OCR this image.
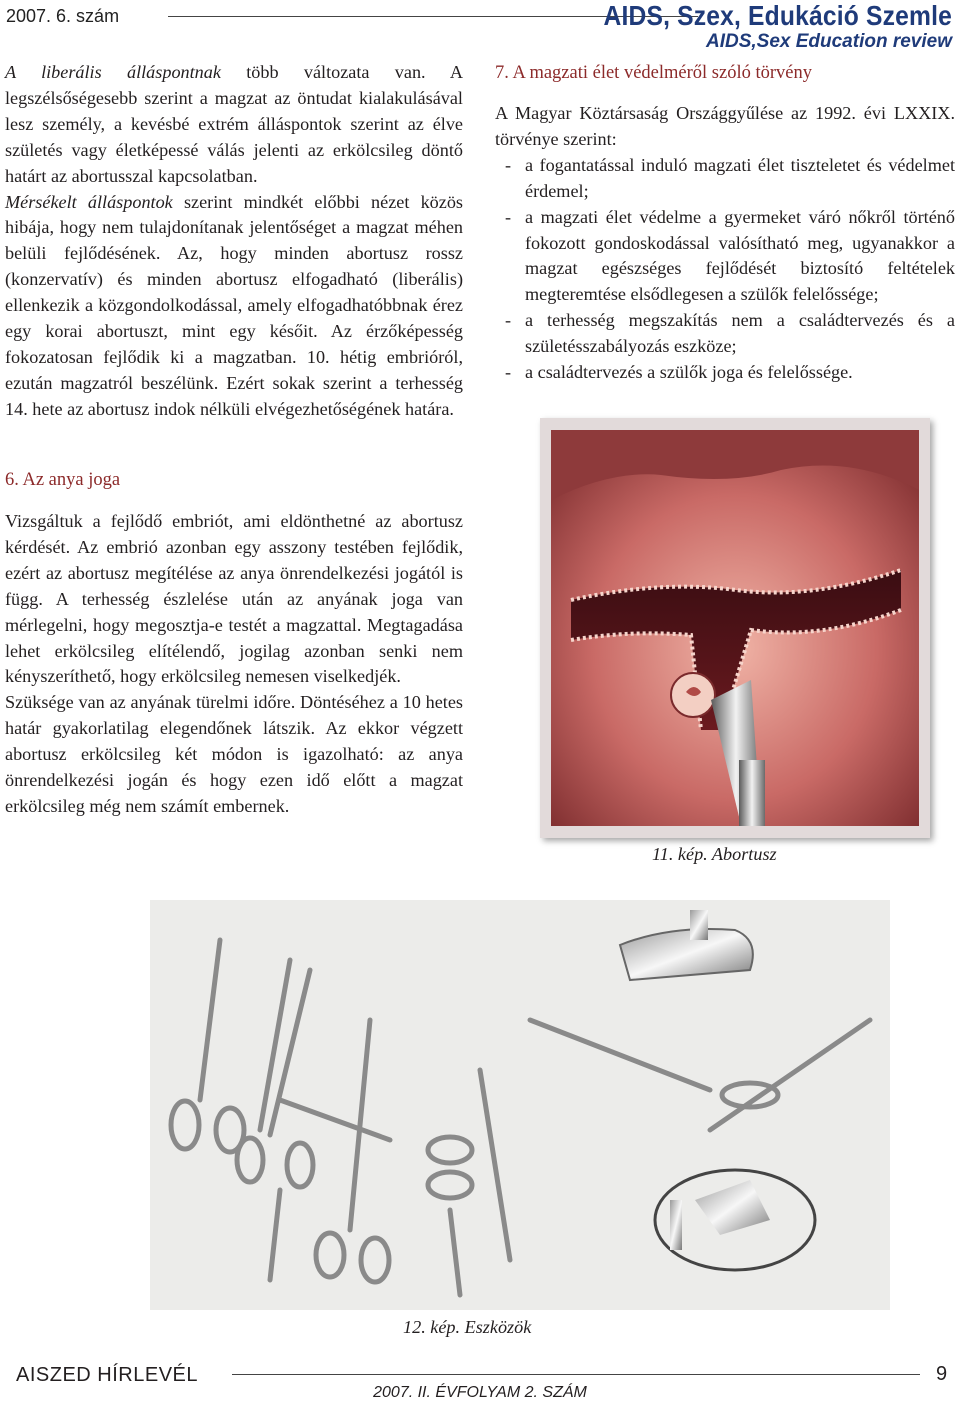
2007. 6. szám	AIDS, Szex, Edukáció Szemle
AIDS,Sex Education review

A liberális álláspontnak több változata van. A legszélsőségesebb szerint a magzat az öntudat kialakulásával lesz személy, a kevésbé extrém álláspontok szerint az élve születés vagy életképessé válás jelenti az erkölcsileg döntő határt az abortusszal kapcsolatban.

Mérsékelt álláspontok szerint mindkét előbbi nézet közös hibája, hogy nem tulajdonítanak jelentőséget a magzat méhen belüli fejlődésének. Az, hogy minden abortusz rossz (konzervatív) és minden abortusz elfogadható (liberális) ellenkezik a közgondolkodással, amely elfogadhatóbbnak érez egy korai abortuszt, mint egy későit. Az érzőképesség fokozatosan fejlődik ki a magzatban. 10. hétig embrióról, ezután magzatról beszélünk. Ezért sokak szerint a terhesség 14. hete az abortusz indok nélküli elvégezhetőségének határa.

6. Az anya joga

Vizsgáltuk a fejlődő embriót, ami eldönthetné az abortusz kérdését. Az embrió azonban egy asszony testében fejlődik, ezért az abortusz megítélése az anya önrendelkezési jogától is függ. A terhesség észlelése után az anyának joga van mérlegelni, hogy megosztja-e testét a magzattal. Megtagadása lehet erkölcsileg elítélendő, jogilag azonban senki nem kényszeríthető, hogy erkölcsileg nemesen viselkedjék.

Szüksége van az anyának türelmi időre. Döntéséhez a 10 hetes határ gyakorlatilag elegendőnek látszik. Az ekkor végzett abortusz erkölcsileg két módon is igazolható: az anya önrendelkezési jogán és hogy ezen idő előtt a magzat erkölcsileg még nem számít embernek.

7. A magzati élet védelméről szóló törvény

A Magyar Köztársaság Országgyűlése az 1992. évi LXXIX. törvénye szerint:

- a fogantatással induló magzati élet tiszteletet és védelmet érdemel;
- a magzati élet védelme a gyermeket váró nőkről történő fokozott gondoskodással valósítható meg, ugyanakkor a magzat egészséges fejlődését biztosító feltételek megteremtése elsődlegesen a szülők felelőssége;
- a terhesség megszakítás nem a családtervezés és a születésszabályozás eszköze;
- a családtervezés a szülők joga és felelőssége.
11. kép. Abortusz
12. kép. Eszközök
AISZED HÍRLEVÉL	9
2007. II. ÉVFOLYAM 2. SZÁM
